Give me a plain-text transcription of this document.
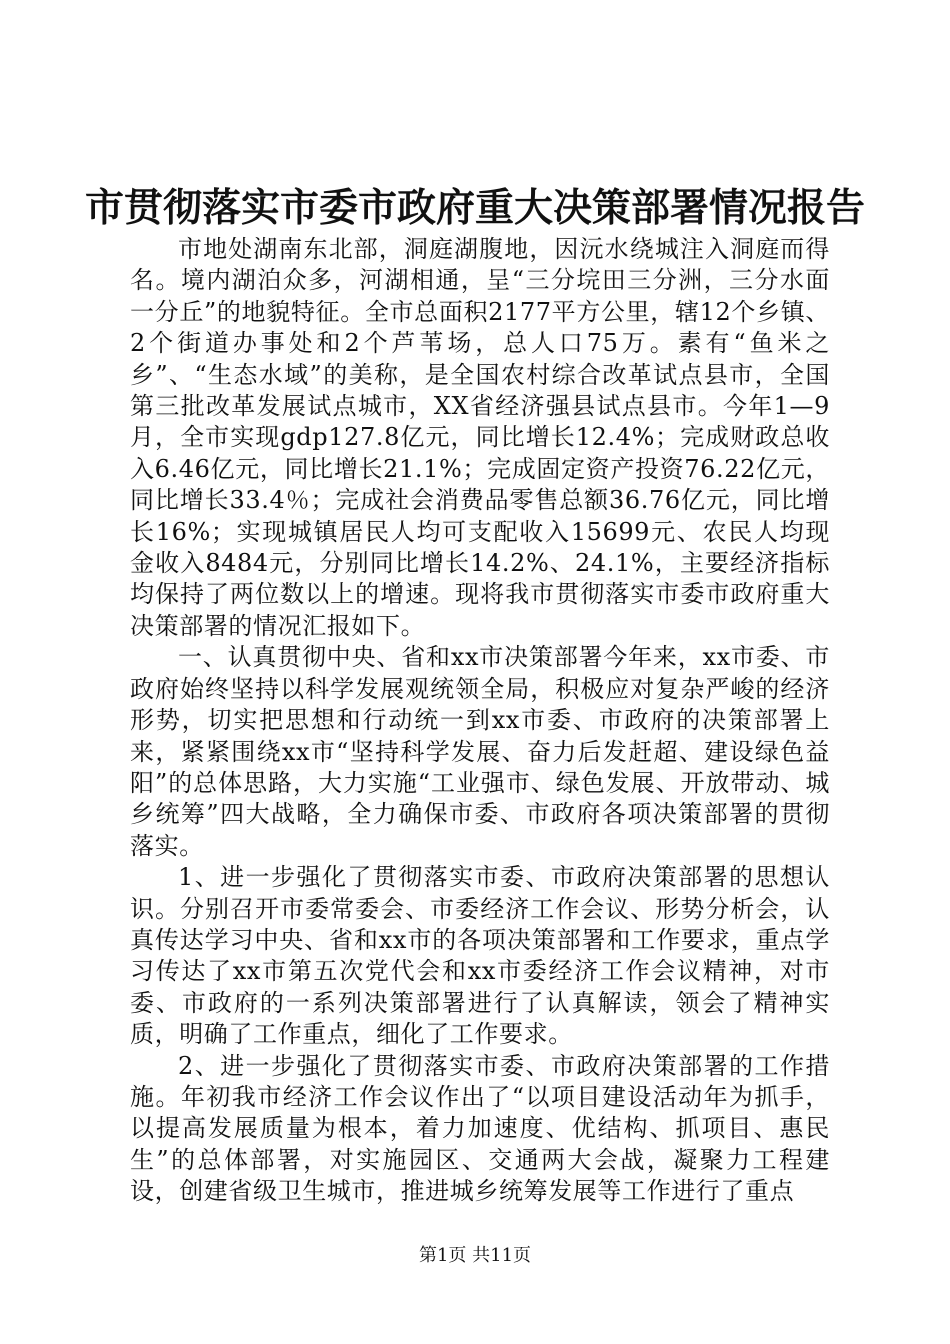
市贯彻落实市委市政府重大决策部署情况报告

市地处湖南东北部，洞庭湖腹地，因沅水绕城注入洞庭而得名。境内湖泊众多，河湖相通，呈“三分垸田三分洲，三分水面一分丘”的地貌特征。全市总面积2177平方公里，辖12个乡镇、2个街道办事处和2个芦苇场，总人口75万。素有“鱼米之乡”、“生态水域”的美称，是全国农村综合改革试点县市，全国第三批改革发展试点城市，XX省经济强县试点县市。今年1—9月，全市实现gdp127.8亿元，同比增长12.4%；完成财政总收入6.46亿元，同比增长21.1%；完成固定资产投资76.22亿元，同比增长33.4％；完成社会消费品零售总额36.76亿元，同比增长16%；实现城镇居民人均可支配收入15699元、农民人均现金收入8484元，分别同比增长14.2%、24.1%，主要经济指标均保持了两位数以上的增速。现将我市贯彻落实市委市政府重大决策部署的情况汇报如下。

一、认真贯彻中央、省和xx市决策部署今年来，xx市委、市政府始终坚持以科学发展观统领全局，积极应对复杂严峻的经济形势，切实把思想和行动统一到xx市委、市政府的决策部署上来，紧紧围绕xx市“坚持科学发展、奋力后发赶超、建设绿色益阳”的总体思路，大力实施“工业强市、绿色发展、开放带动、城乡统筹”四大战略，全力确保市委、市政府各项决策部署的贯彻落实。

1、进一步强化了贯彻落实市委、市政府决策部署的思想认识。分别召开市委常委会、市委经济工作会议、形势分析会，认真传达学习中央、省和xx市的各项决策部署和工作要求，重点学习传达了xx市第五次党代会和xx市委经济工作会议精神，对市委、市政府的一系列决策部署进行了认真解读，领会了精神实质，明确了工作重点，细化了工作要求。

2、进一步强化了贯彻落实市委、市政府决策部署的工作措施。年初我市经济工作会议作出了“以项目建设活动年为抓手，以提高发展质量为根本，着力加速度、优结构、抓项目、惠民生”的总体部署，对实施园区、交通两大会战，凝聚力工程建设，创建省级卫生城市，推进城乡统筹发展等工作进行了重点

第1页 共11页
